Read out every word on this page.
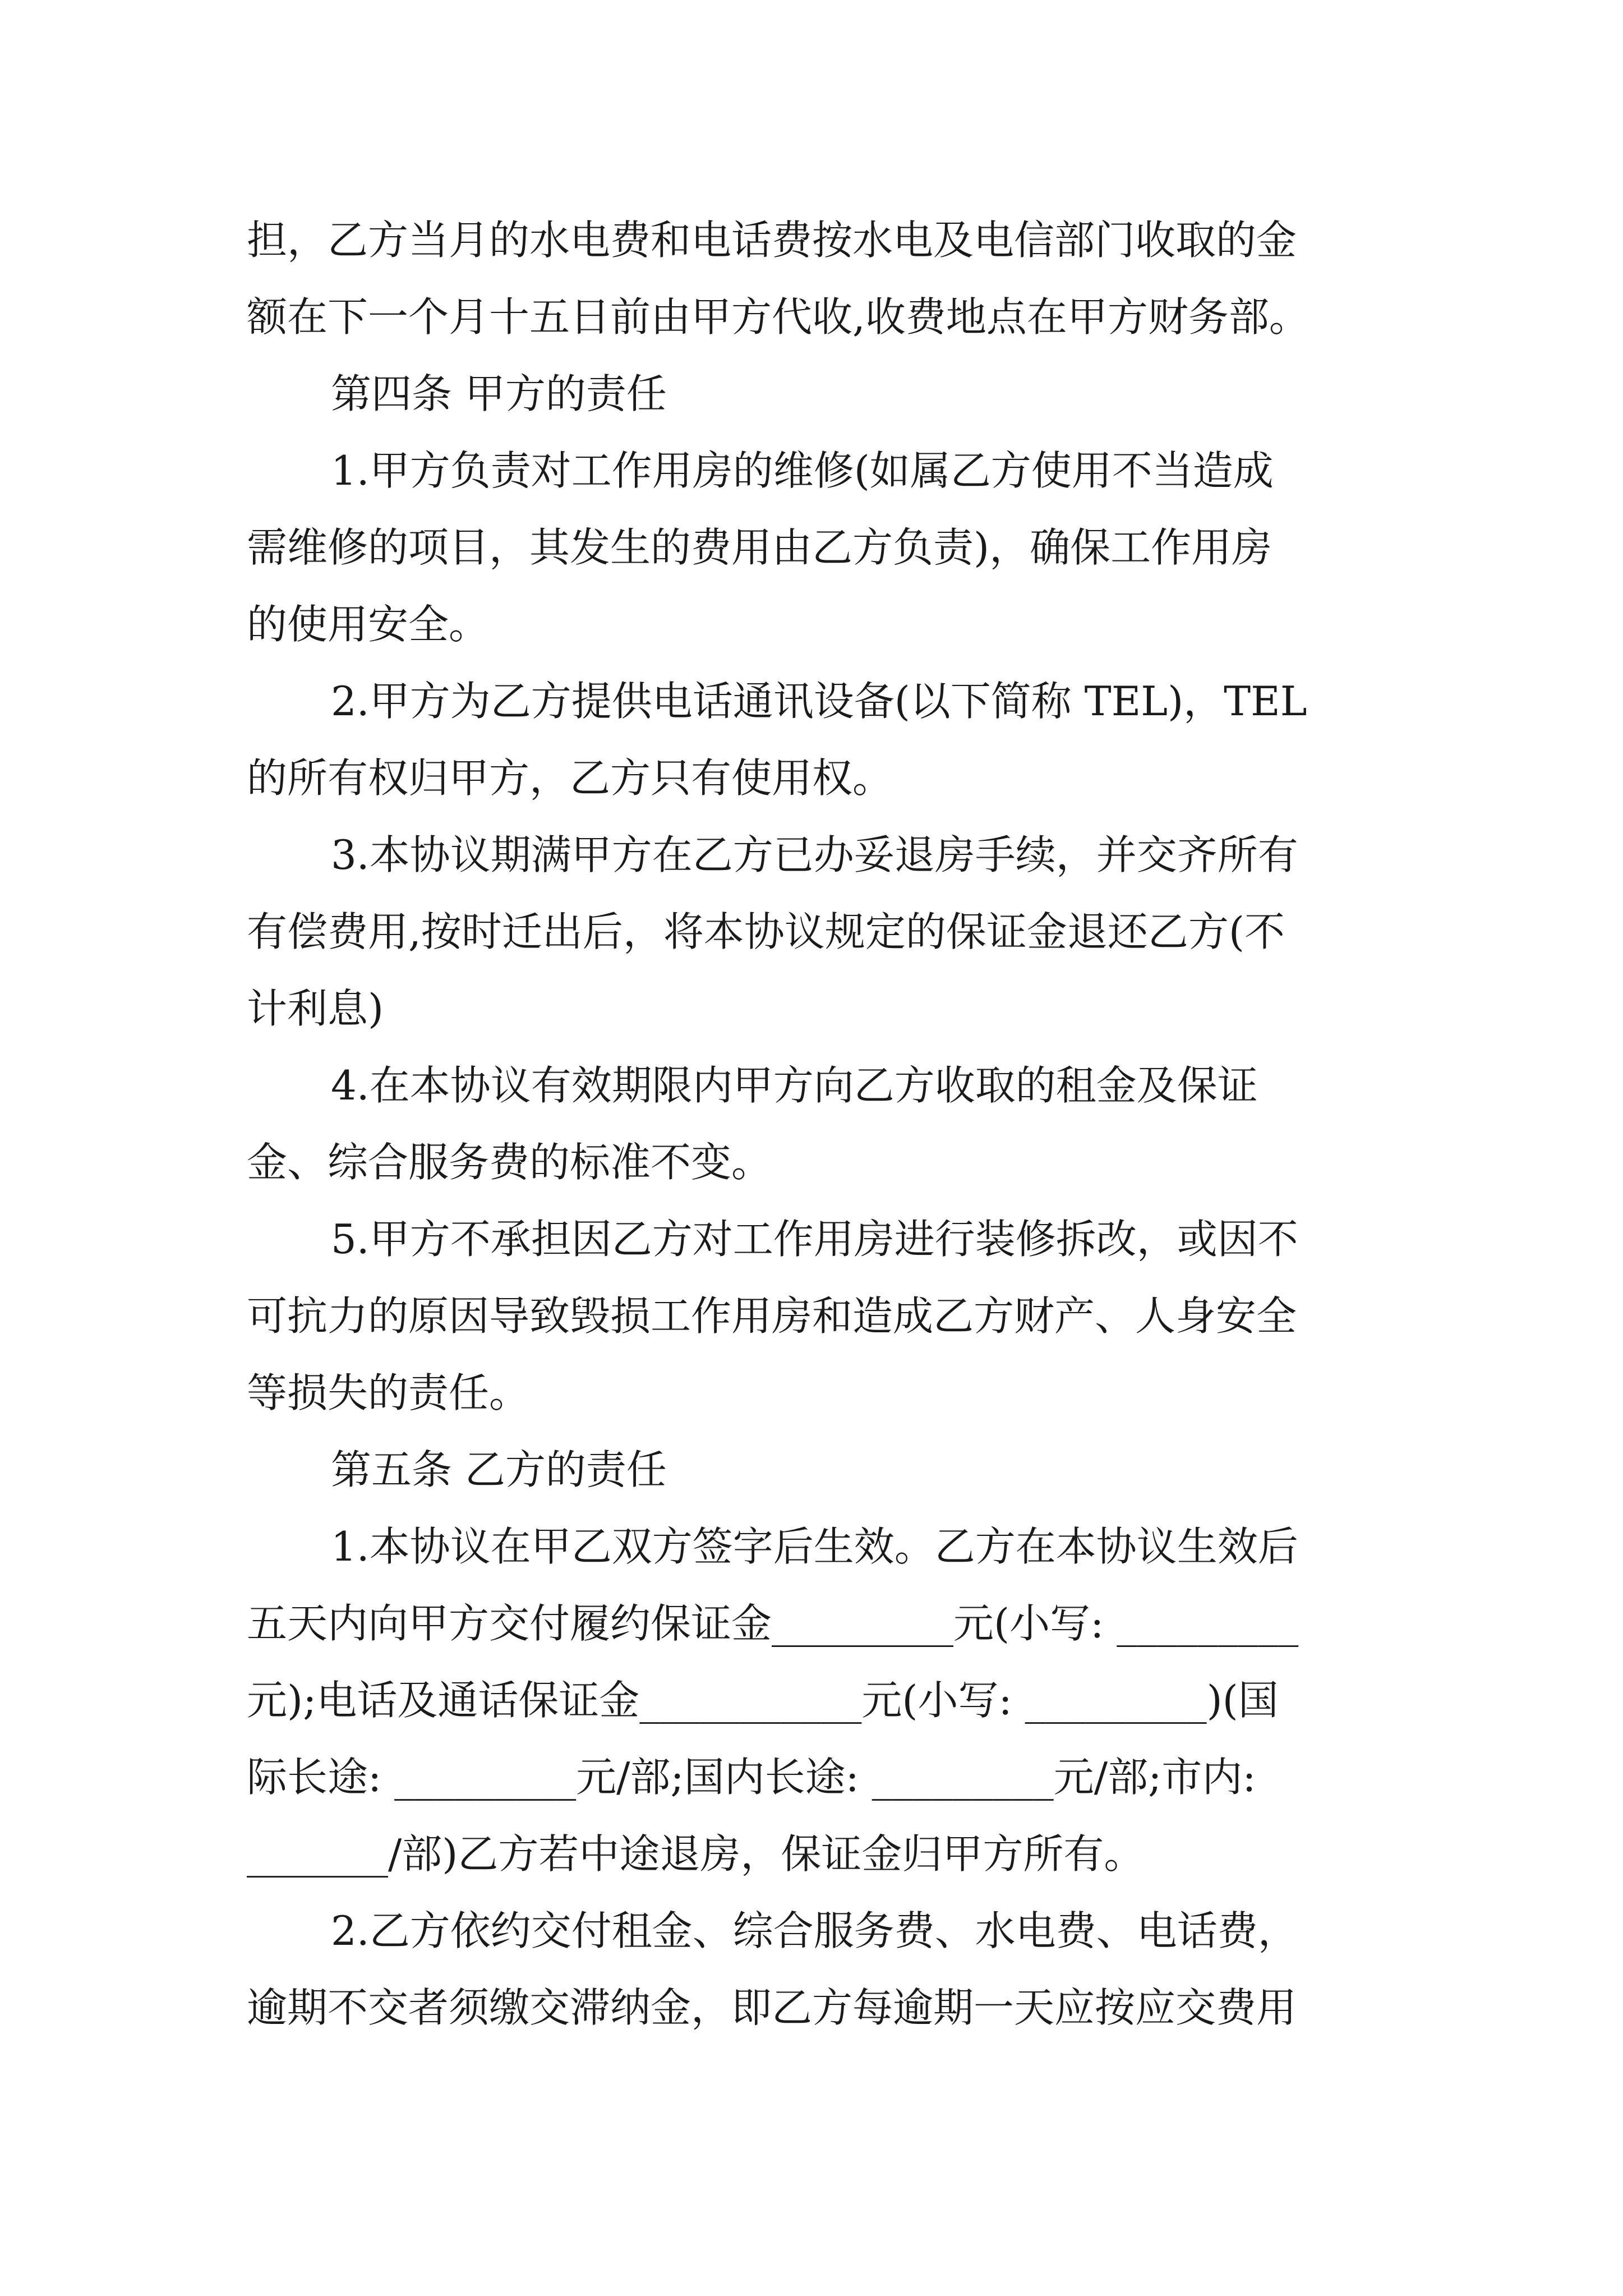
担，乙方当月的水电费和电话费按水电及电信部门收取的金
额在下一个月十五日前由甲方代收,收费地点在甲方财务部。
第四条 甲方的责任
1.甲方负责对工作用房的维修(如属乙方使用不当造成
需维修的项目，其发生的费用由乙方负责)，确保工作用房
的使用安全。
2.甲方为乙方提供电话通讯设备(以下简称 TEL)，TEL
的所有权归甲方，乙方只有使用权。
3.本协议期满甲方在乙方已办妥退房手续，并交齐所有
有偿费用,按时迁出后，将本协议规定的保证金退还乙方(不
计利息)
4.在本协议有效期限内甲方向乙方收取的租金及保证
金、综合服务费的标准不变。
5.甲方不承担因乙方对工作用房进行装修拆改，或因不
可抗力的原因导致毁损工作用房和造成乙方财产、人身安全
等损失的责任。
第五条 乙方的责任
1.本协议在甲乙双方签字后生效。乙方在本协议生效后
五天内向甲方交付履约保证金_________元(小写: _________
元);电话及通话保证金___________元(小写: _________)(国
际长途: _________元/部;国内长途: _________元/部;市内:
_______/部)乙方若中途退房，保证金归甲方所有。
2.乙方依约交付租金、综合服务费、水电费、电话费，
逾期不交者须缴交滞纳金，即乙方每逾期一天应按应交费用
